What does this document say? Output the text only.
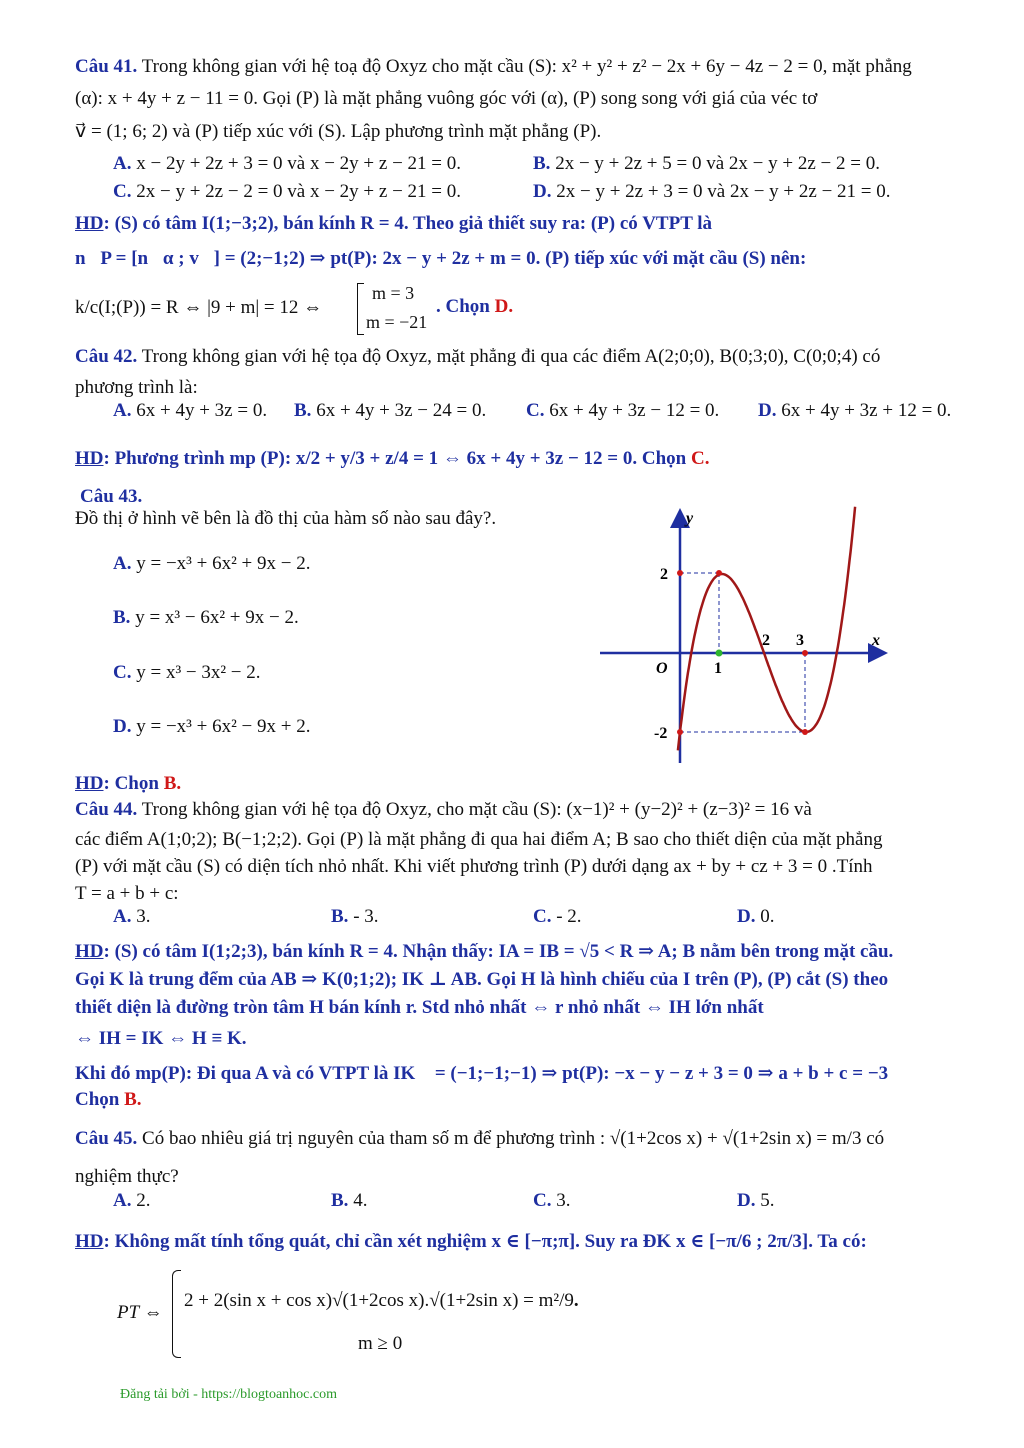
Câu 41. Trong không gian với hệ toạ độ Oxyz cho mặt cầu (S): x² + y² + z² − 2x + 6y − 4z − 2 = 0, mặt phẳng
(α): x + 4y + z − 11 = 0. Gọi (P) là mặt phẳng vuông góc với (α), (P) song song với giá của véc tơ
v⃗ = (1; 6; 2) và (P) tiếp xúc với (S). Lập phương trình mặt phẳng (P).
A. x − 2y + 2z + 3 = 0 và x − 2y + z − 21 = 0.	B. 2x − y + 2z + 5 = 0 và 2x − y + 2z − 2 = 0.
C. 2x − y + 2z − 2 = 0 và x − 2y + z − 21 = 0.	D. 2x − y + 2z + 3 = 0 và 2x − y + 2z − 21 = 0.
HD: (S) có tâm I(1;−3;2), bán kính R = 4. Theo giả thiết suy ra: (P) có VTPT là
n⃗P = [n⃗α ; v⃗] = (2;−1;2) ⇒ pt(P): 2x − y + 2z + m = 0. (P) tiếp xúc với mặt cầu (S) nên:
k/c(I;(P)) = R ⇔ |9 + m| = 12 ⇔
m = 3
m = −21
. Chọn D.
Câu 42. Trong không gian với hệ tọa độ Oxyz, mặt phẳng đi qua các điểm A(2;0;0), B(0;3;0), C(0;0;4) có
phương trình là:
A. 6x + 4y + 3z = 0. B. 6x + 4y + 3z − 24 = 0. C. 6x + 4y + 3z − 12 = 0. D. 6x + 4y + 3z + 12 = 0.
HD: Phương trình mp (P): x/2 + y/3 + z/4 = 1 ⇔ 6x + 4y + 3z − 12 = 0. Chọn C.
Câu 43.
Đồ thị ở hình vẽ bên là đồ thị của hàm số nào sau đây?.
A. y = −x³ + 6x² + 9x − 2.
B. y = x³ − 6x² + 9x − 2.
C. y = x³ − 3x² − 2.
D. y = −x³ + 6x² − 9x + 2.
y
x
O	1
2 3
2
-2
HD: Chọn B.
Câu 44. Trong không gian với hệ tọa độ Oxyz, cho mặt cầu (S): (x−1)² + (y−2)² + (z−3)² = 16 và
các điểm A(1;0;2); B(−1;2;2). Gọi (P) là mặt phẳng đi qua hai điểm A; B sao cho thiết diện của mặt phẳng
(P) với mặt cầu (S) có diện tích nhỏ nhất. Khi viết phương trình (P) dưới dạng ax + by + cz + 3 = 0 .Tính
T = a + b + c:
A. 3.	B. - 3.	C. - 2.	D. 0.
HD: (S) có tâm I(1;2;3), bán kính R = 4. Nhận thấy: IA = IB = √5 < R ⇒ A; B nằm bên trong mặt cầu.
Gọi K là trung đểm của AB ⇒ K(0;1;2); IK ⊥ AB. Gọi H là hình chiếu của I trên (P), (P) cắt (S) theo
thiết diện là đường tròn tâm H bán kính r. Std nhỏ nhất ⇔ r nhỏ nhất ⇔ IH lớn nhất
⇔ IH = IK ⇔ H ≡ K.
Khi đó mp(P): Đi qua A và có VTPT là IK⃗ = (−1;−1;−1) ⇒ pt(P): −x − y − z + 3 = 0 ⇒ a + b + c = −3
Chọn B.
Câu 45. Có bao nhiêu giá trị nguyên của tham số m để phương trình : √(1+2cos x) + √(1+2sin x) = m/3 có
nghiệm thực?
A. 2.	B. 4.	C. 3.	D. 5.
HD: Không mất tính tổng quát, chỉ cần xét nghiệm x ∈ [−π;π]. Suy ra ĐK x ∈ [−π/6 ; 2π/3]. Ta có:
PT ⇔
2 + 2(sin x + cos x)√(1+2cos x).√(1+2sin x) = m²/9.
m ≥ 0
Đăng tải bởi - https://blogtoanhoc.com
